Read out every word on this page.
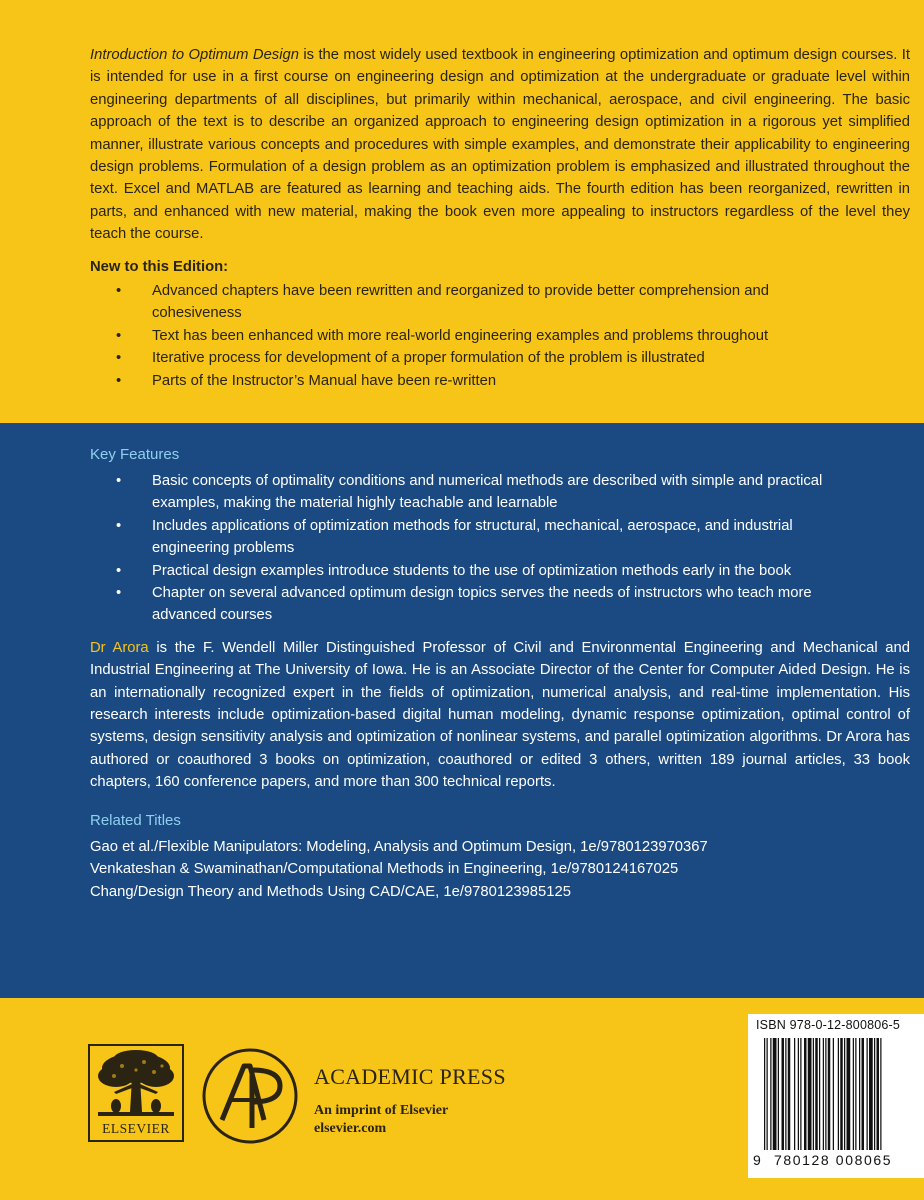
Introduction to Optimum Design is the most widely used textbook in engineering optimization and optimum design courses. It is intended for use in a first course on engineering design and optimization at the undergraduate or graduate level within engineering departments of all disciplines, but primarily within mechanical, aerospace, and civil engineering. The basic approach of the text is to describe an organized approach to engineering design optimization in a rigorous yet simplified manner, illustrate various concepts and procedures with simple examples, and demonstrate their applicability to engineering design problems. Formulation of a design problem as an optimization problem is emphasized and illustrated throughout the text. Excel and MATLAB are featured as learning and teaching aids. The fourth edition has been reorganized, rewritten in parts, and enhanced with new material, making the book even more appealing to instructors regardless of the level they teach the course.

New to this Edition:
• Advanced chapters have been rewritten and reorganized to provide better comprehension and cohesiveness
• Text has been enhanced with more real-world engineering examples and problems throughout
• Iterative process for development of a proper formulation of the problem is illustrated
• Parts of the Instructor’s Manual have been re-written
Key Features
• Basic concepts of optimality conditions and numerical methods are described with simple and practical examples, making the material highly teachable and learnable
• Includes applications of optimization methods for structural, mechanical, aerospace, and industrial engineering problems
• Practical design examples introduce students to the use of optimization methods early in the book
• Chapter on several advanced optimum design topics serves the needs of instructors who teach more advanced courses

Dr Arora is the F. Wendell Miller Distinguished Professor of Civil and Environmental Engineering and Mechanical and Industrial Engineering at The University of Iowa. He is an Associate Director of the Center for Computer Aided Design. He is an internationally recognized expert in the fields of optimization, numerical analysis, and real-time implementation. His research interests include optimization-based digital human modeling, dynamic response optimization, optimal control of systems, design sensitivity analysis and optimization of nonlinear systems, and parallel optimization algorithms. Dr Arora has authored or coauthored 3 books on optimization, coauthored or edited 3 others, written 189 journal articles, 33 book chapters, 160 conference papers, and more than 300 technical reports.

Related Titles
Gao et al./Flexible Manipulators: Modeling, Analysis and Optimum Design, 1e/9780123970367
Venkateshan & Swaminathan/Computational Methods in Engineering, 1e/9780124167025
Chang/Design Theory and Methods Using CAD/CAE, 1e/9780123985125
ELSEVIER
ACADEMIC PRESS
An imprint of Elsevier
elsevier.com
ISBN 978-0-12-800806-5
9 780128 008065
